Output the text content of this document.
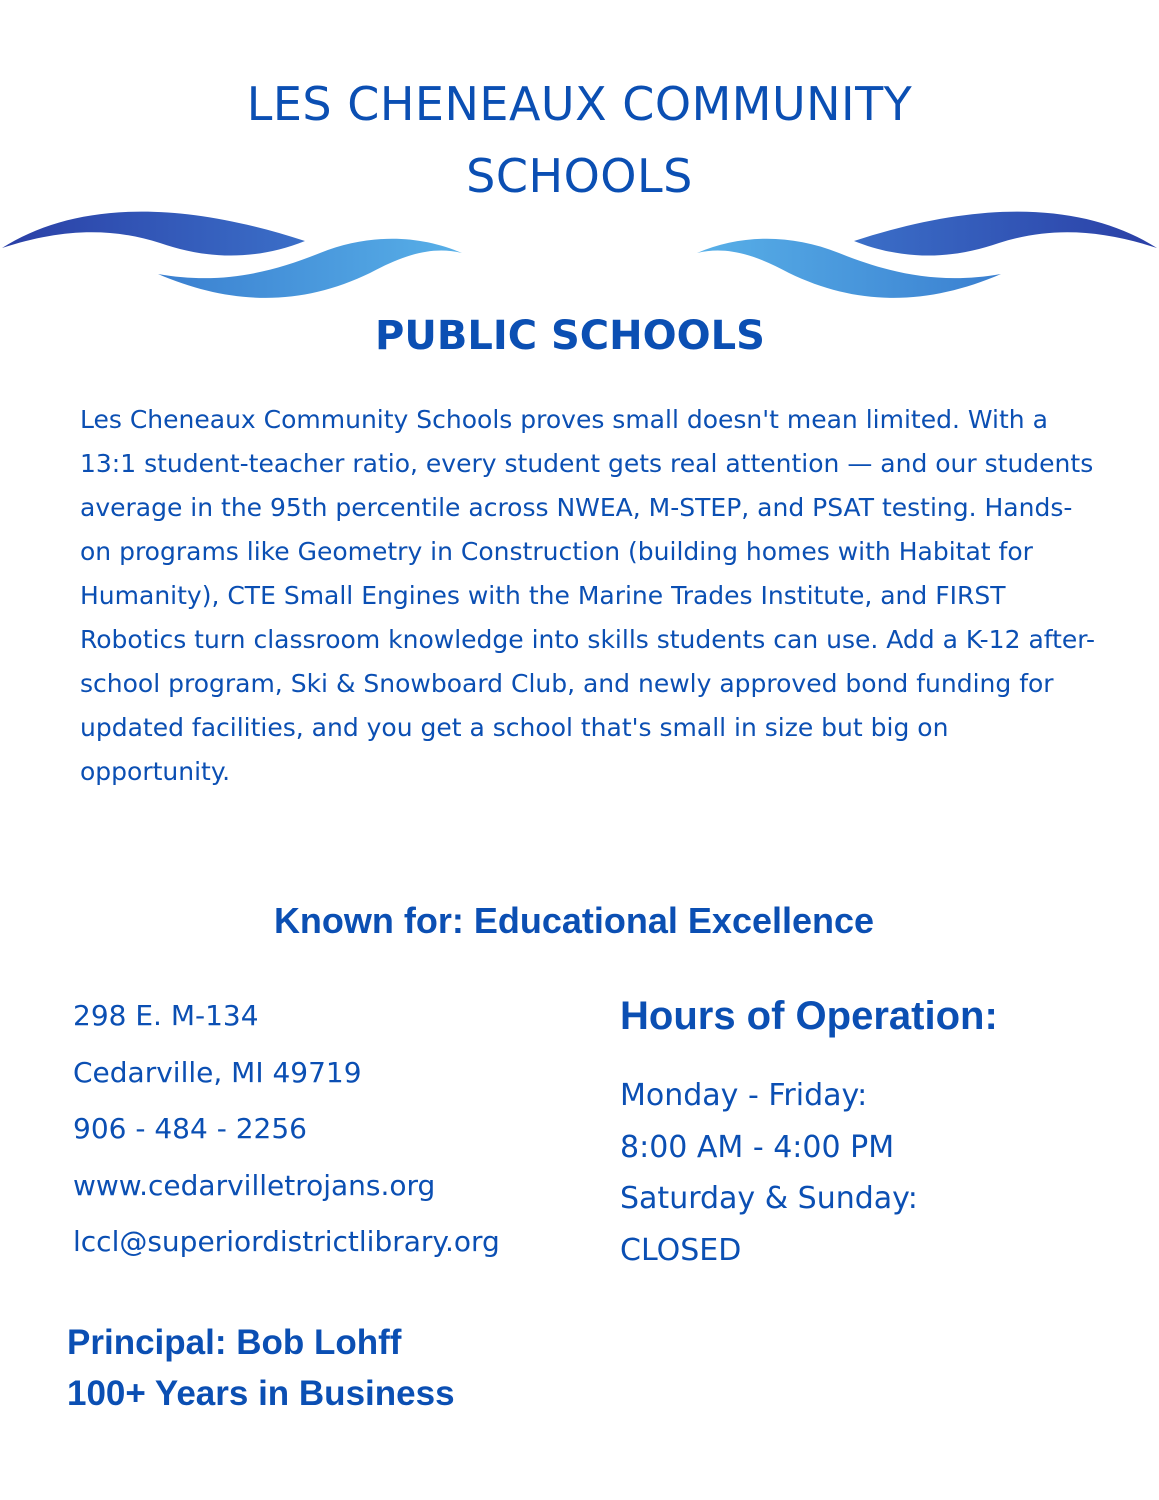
LES CHENEAUX COMMUNITY
SCHOOLS
PUBLIC SCHOOLS

Les Cheneaux Community Schools proves small doesn't mean limited. With a 13:1 student-teacher ratio, every student gets real attention — and our students average in the 95th percentile across NWEA, M-STEP, and PSAT testing. Hands-on programs like Geometry in Construction (building homes with Habitat for Humanity), CTE Small Engines with the Marine Trades Institute, and FIRST Robotics turn classroom knowledge into skills students can use. Add a K-12 after-school program, Ski & Snowboard Club, and newly approved bond funding for updated facilities, and you get a school that's small in size but big on opportunity.

Known for: Educational Excellence
298 E. M-134
Cedarville, MI 49719
906 - 484 - 2256
www.cedarvilletrojans.org
lccl@superiordistrictlibrary.org
Hours of Operation:
Monday - Friday:
8:00 AM - 4:00 PM
Saturday & Sunday:
CLOSED
Principal: Bob Lohff
100+ Years in Business
